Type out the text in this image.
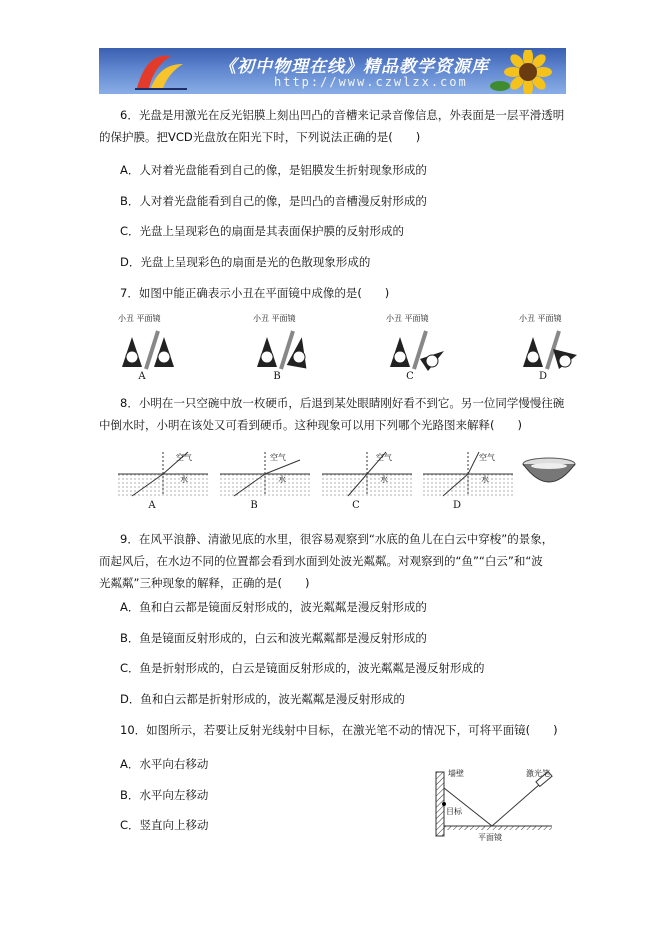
《初中物理在线》精品教学资源库
http://www.czwlzx.com
6．光盘是用激光在反光铝膜上刻出凹凸的音槽来记录音像信息，外表面是一层平滑透明
的保护膜。把VCD光盘放在阳光下时，下列说法正确的是(　　)
A．人对着光盘能看到自己的像，是铝膜发生折射现象形成的
B．人对着光盘能看到自己的像，是凹凸的音槽漫反射形成的
C．光盘上呈现彩色的扇面是其表面保护膜的反射形成的
D．光盘上呈现彩色的扇面是光的色散现象形成的
7．如图中能正确表示小丑在平面镜中成像的是(　　)
小丑 平面镜
A
小丑 平面镜
B
小丑 平面镜
C
小丑 平面镜
D
8．小明在一只空碗中放一枚硬币，后退到某处眼睛刚好看不到它。另一位同学慢慢往碗
中倒水时，小明在该处又可看到硬币。这种现象可以用下列哪个光路图来解释(　　)
空气
水
A
空气
水
B
空气
水
C
空气
水
D
9．在风平浪静、清澈见底的水里，很容易观察到“水底的鱼儿在白云中穿梭”的景象，
而起风后，在水边不同的位置都会看到水面到处波光粼粼。对观察到的“鱼”“白云”和“波
光粼粼”三种现象的解释，正确的是(　　)
A．鱼和白云都是镜面反射形成的，波光粼粼是漫反射形成的
B．鱼是镜面反射形成的，白云和波光粼粼都是漫反射形成的
C．鱼是折射形成的，白云是镜面反射形成的，波光粼粼是漫反射形成的
D．鱼和白云都是折射形成的，波光粼粼是漫反射形成的
10．如图所示，若要让反射光线射中目标，在激光笔不动的情况下，可将平面镜(　　)
A．水平向右移动
B．水平向左移动
C．竖直向上移动
墙壁	激光笔
目标
平面镜
